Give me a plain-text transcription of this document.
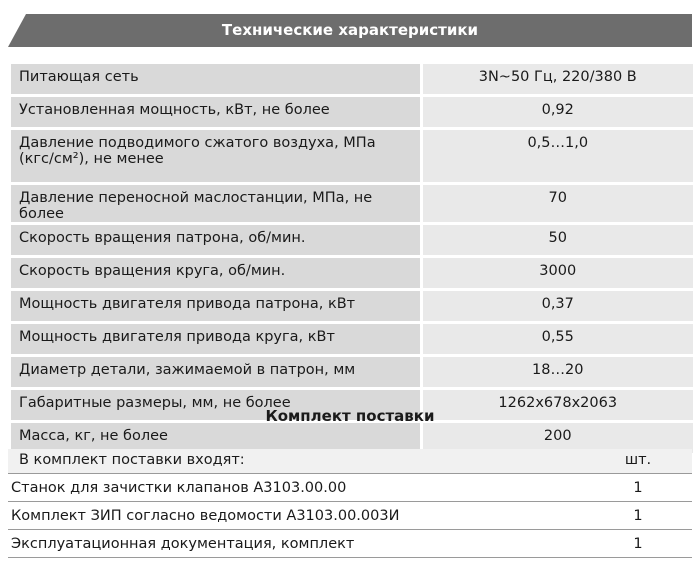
Технические характеристики
Питающая сеть	3N~50 Гц, 220/380 В
Установленная мощность, кВт, не более	0,92
Давление подводимого сжатого воздуха, МПа
(кгс/см²), не менее	0,5…1,0
Давление переносной маслостанции, МПа, не более	70
Скорость вращения патрона, об/мин.	50
Скорость вращения круга, об/мин.	3000
Мощность двигателя привода патрона, кВт	0,37
Мощность двигателя привода круга, кВт	0,55
Диаметр детали, зажимаемой в патрон, мм	18…20
Габаритные размеры, мм, не более	1262x678x2063
Масса, кг, не более	200
Комплект поставки
В комплект поставки входят:	шт.
Станок для зачистки клапанов А3103.00.00	1
Комплект ЗИП согласно ведомости А3103.00.003И	1
Эксплуатационная документация, комплект	1
